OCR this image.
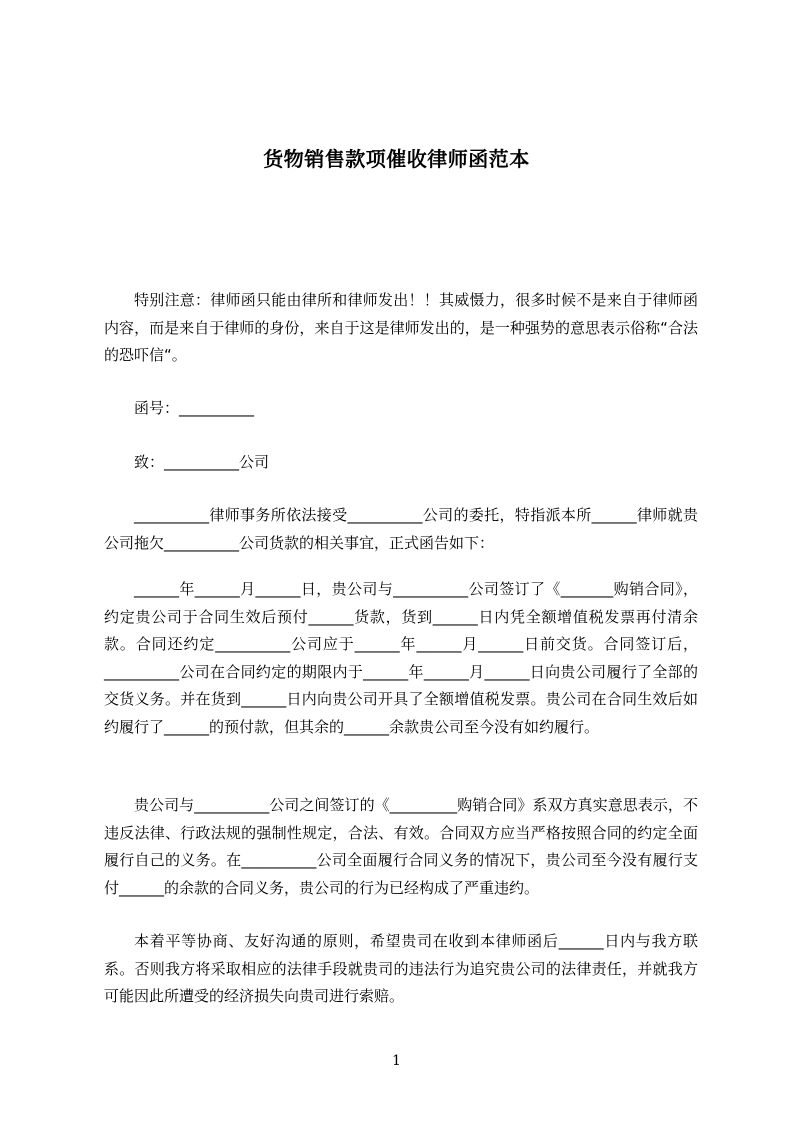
货物销售款项催收律师函范本

特别注意：律师函只能由律所和律师发出！！其威慑力，很多时候不是来自于律师函内容，而是来自于律师的身份，来自于这是律师发出的，是一种强势的意思表示俗称“合法的恐吓信“。

函号：__________

致：__________公司

__________律师事务所依法接受__________公司的委托，特指派本所______律师就贵公司拖欠__________公司货款的相关事宜，正式函告如下：

______年______月______日，贵公司与__________公司签订了《_______购销合同》，约定贵公司于合同生效后预付______货款，货到______日内凭全额增值税发票再付清余款。合同还约定__________公司应于______年______月______日前交货。合同签订后，__________公司在合同约定的期限内于______年______月______日向贵公司履行了全部的交货义务。并在货到______日内向贵公司开具了全额增值税发票。贵公司在合同生效后如约履行了______的预付款，但其余的______余款贵公司至今没有如约履行。

贵公司与__________公司之间签订的《_________购销合同》系双方真实意思表示，不违反法律、行政法规的强制性规定，合法、有效。合同双方应当严格按照合同的约定全面履行自己的义务。在__________公司全面履行合同义务的情况下，贵公司至今没有履行支付______的余款的合同义务，贵公司的行为已经构成了严重违约。

本着平等协商、友好沟通的原则，希望贵司在收到本律师函后______日内与我方联系。否则我方将采取相应的法律手段就贵司的违法行为追究贵公司的法律责任，并就我方可能因此所遭受的经济损失向贵司进行索赔。

1
